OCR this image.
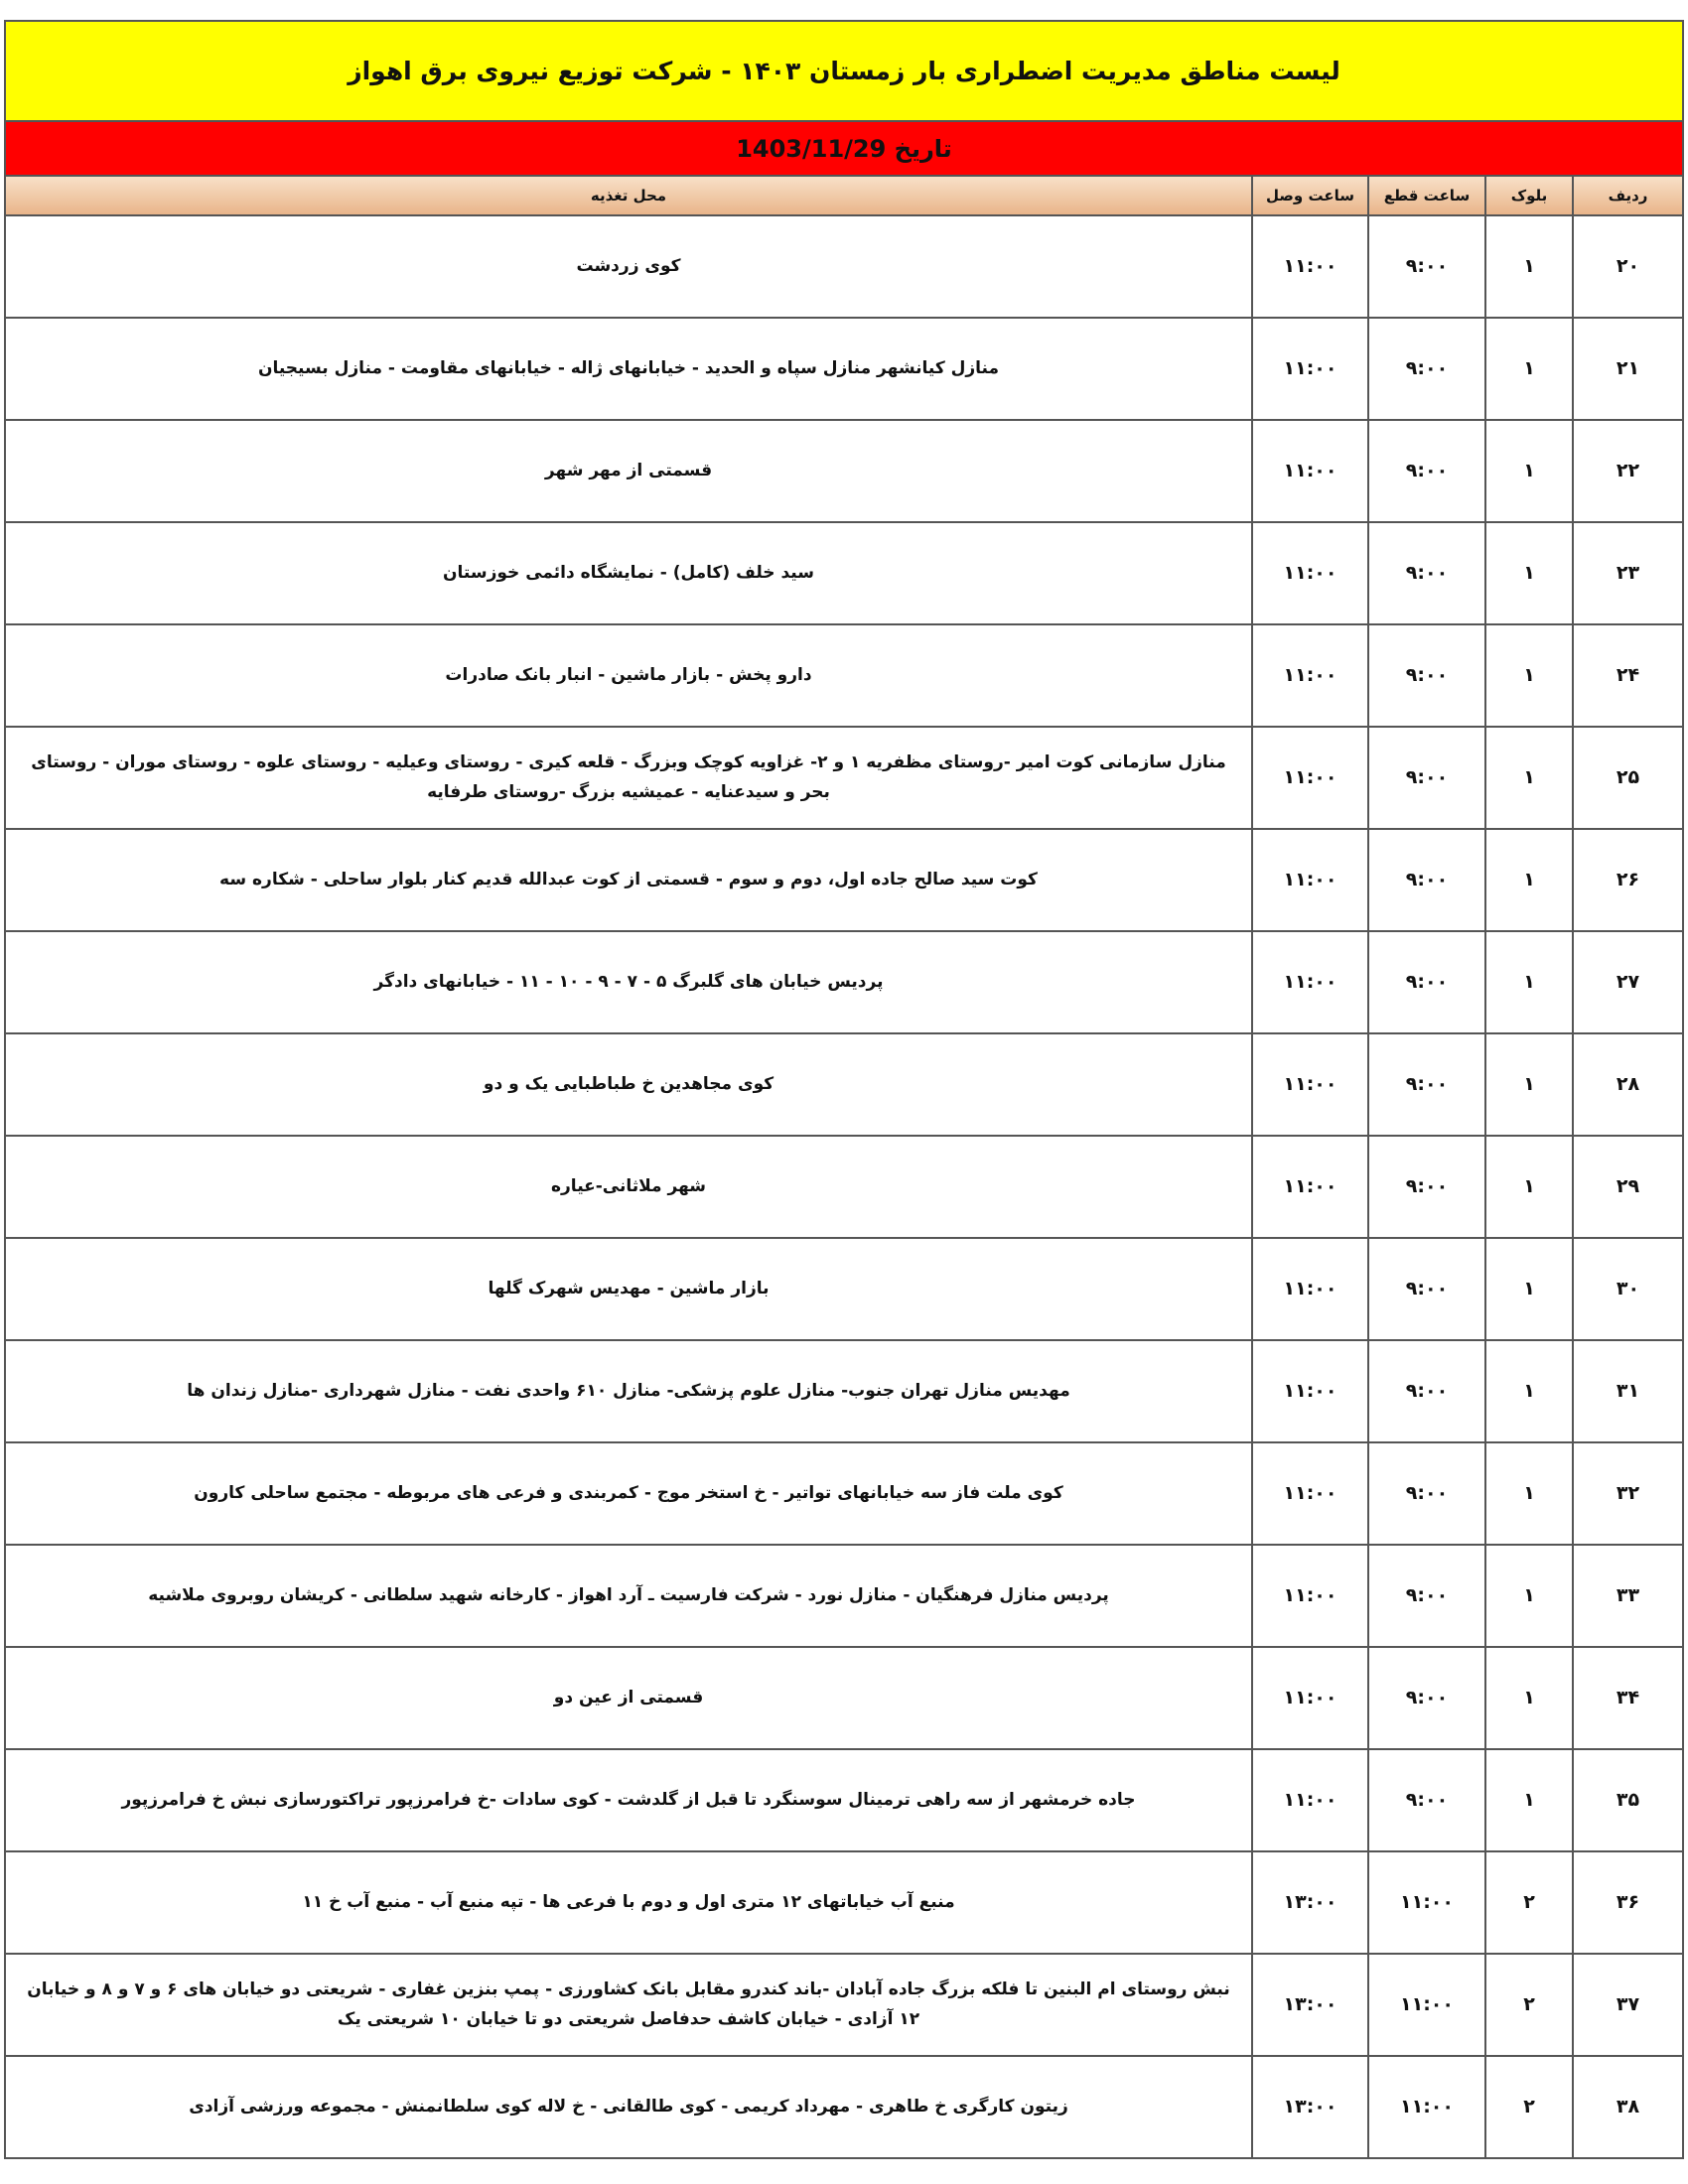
لیست مناطق مدیریت اضطراری بار زمستان ۱۴۰۳ - شرکت توزیع نیروی برق اهواز
تاریخ 1403/11/29
ردیف	بلوک	ساعت قطع	ساعت وصل	محل تغذیه
۲۰	۱	۹:۰۰	۱۱:۰۰	کوی زردشت
۲۱	۱	۹:۰۰	۱۱:۰۰	منازل کیانشهر منازل سپاه و الحدید - خیابانهای ژاله - خیابانهای مقاومت - منازل بسیجیان
۲۲	۱	۹:۰۰	۱۱:۰۰	قسمتی از مهر شهر
۲۳	۱	۹:۰۰	۱۱:۰۰	سید خلف (کامل) - نمایشگاه دائمی خوزستان
۲۴	۱	۹:۰۰	۱۱:۰۰	دارو پخش - بازار ماشین - انبار بانک صادرات
۲۵	۱	۹:۰۰	۱۱:۰۰	منازل سازمانی کوت امیر -روستای مظفریه ۱ و ۲- غزاویه کوچک وبزرگ - قلعه کیری - روستای وعیلیه - روستای علوه - روستای موران - روستای بحر و سیدعنایه - عمیشیه بزرگ -روستای طرفایه
۲۶	۱	۹:۰۰	۱۱:۰۰	کوت سید صالح جاده اول، دوم و سوم - قسمتی از کوت عبدالله قدیم کنار بلوار ساحلی - شکاره سه
۲۷	۱	۹:۰۰	۱۱:۰۰	پردیس خیابان های گلبرگ ۵ - ۷ - ۹ - ۱۰ - ۱۱ - خیابانهای دادگر
۲۸	۱	۹:۰۰	۱۱:۰۰	کوی مجاهدین خ طباطبایی یک و دو
۲۹	۱	۹:۰۰	۱۱:۰۰	شهر ملاثانی-عیاره
۳۰	۱	۹:۰۰	۱۱:۰۰	بازار ماشین - مهدیس شهرک گلها
۳۱	۱	۹:۰۰	۱۱:۰۰	مهدیس منازل تهران جنوب- منازل علوم پزشکی- منازل ۶۱۰ واحدی نفت - منازل شهرداری -منازل زندان ها
۳۲	۱	۹:۰۰	۱۱:۰۰	کوی ملت فاز سه خیابانهای تواتیر - خ استخر موج - کمربندی و فرعی های مربوطه - مجتمع ساحلی کارون
۳۳	۱	۹:۰۰	۱۱:۰۰	پردیس منازل فرهنگیان - منازل نورد - شرکت فارسیت ـ آرد اهواز - کارخانه شهید سلطانی - کریشان روبروی ملاشیه
۳۴	۱	۹:۰۰	۱۱:۰۰	قسمتی از عین دو
۳۵	۱	۹:۰۰	۱۱:۰۰	جاده خرمشهر از سه راهی ترمینال سوسنگرد تا قبل از گلدشت - کوی سادات -خ فرامرزپور تراکتورسازی نبش خ فرامرزپور
۳۶	۲	۱۱:۰۰	۱۳:۰۰	منبع آب خیاباتهای ۱۲ متری اول و دوم با فرعی ها - تپه منبع آب - منبع آب خ ۱۱
۳۷	۲	۱۱:۰۰	۱۳:۰۰	نبش روستای ام البنین تا فلکه بزرگ جاده آبادان -باند کندرو مقابل بانک کشاورزی - پمپ بنزین غفاری - شریعتی دو خیابان های ۶ و ۷ و ۸ و خیابان ۱۲ آزادی - خیابان کاشف حدفاصل شریعتی دو تا خیابان ۱۰ شریعتی یک
۳۸	۲	۱۱:۰۰	۱۳:۰۰	زیتون کارگری خ طاهری - مهرداد کریمی - کوی طالقانی - خ لاله کوی سلطانمنش - مجموعه ورزشی آزادی
